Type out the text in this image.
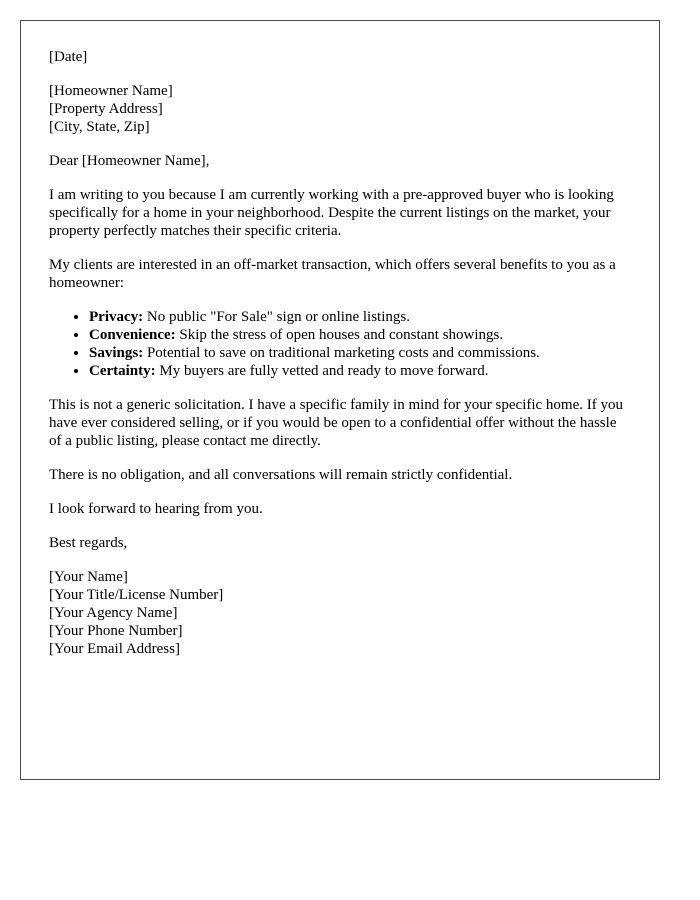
[Date]

[Homeowner Name]
[Property Address]
[City, State, Zip]

Dear [Homeowner Name],

I am writing to you because I am currently working with a pre-approved buyer who is looking specifically for a home in your neighborhood. Despite the current listings on the market, your property perfectly matches their specific criteria.

My clients are interested in an off-market transaction, which offers several benefits to you as a homeowner:

• Privacy: No public "For Sale" sign or online listings.
• Convenience: Skip the stress of open houses and constant showings.
• Savings: Potential to save on traditional marketing costs and commissions.
• Certainty: My buyers are fully vetted and ready to move forward.

This is not a generic solicitation. I have a specific family in mind for your specific home. If you have ever considered selling, or if you would be open to a confidential offer without the hassle of a public listing, please contact me directly.

There is no obligation, and all conversations will remain strictly confidential.

I look forward to hearing from you.

Best regards,

[Your Name]
[Your Title/License Number]
[Your Agency Name]
[Your Phone Number]
[Your Email Address]
